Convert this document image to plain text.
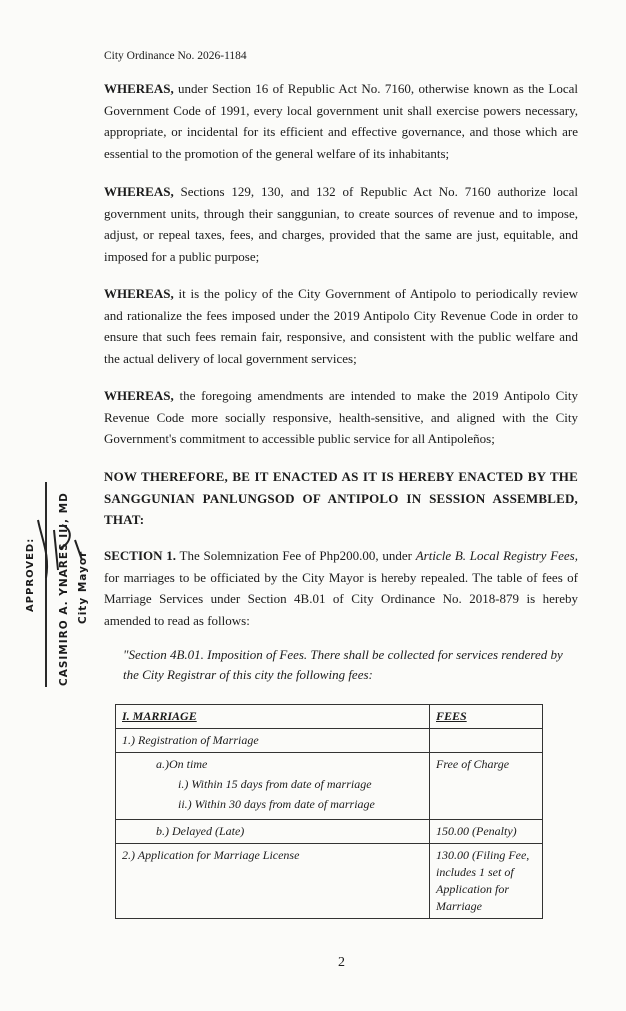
City Ordinance No. 2026-1184

WHEREAS, under Section 16 of Republic Act No. 7160, otherwise known as the Local Government Code of 1991, every local government unit shall exercise powers necessary, appropriate, or incidental for its efficient and effective governance, and those which are essential to the promotion of the general welfare of its inhabitants;

WHEREAS, Sections 129, 130, and 132 of Republic Act No. 7160 authorize local government units, through their sanggunian, to create sources of revenue and to impose, adjust, or repeal taxes, fees, and charges, provided that the same are just, equitable, and imposed for a public purpose;

WHEREAS, it is the policy of the City Government of Antipolo to periodically review and rationalize the fees imposed under the 2019 Antipolo City Revenue Code in order to ensure that such fees remain fair, responsive, and consistent with the public welfare and the actual delivery of local government services;

WHEREAS, the foregoing amendments are intended to make the 2019 Antipolo City Revenue Code more socially responsive, health-sensitive, and aligned with the City Government's commitment to accessible public service for all Antipoleños;

NOW THEREFORE, BE IT ENACTED AS IT IS HEREBY ENACTED BY THE SANGGUNIAN PANLUNGSOD OF ANTIPOLO IN SESSION ASSEMBLED, THAT:

SECTION 1. The Solemnization Fee of Php200.00, under Article B. Local Registry Fees, for marriages to be officiated by the City Mayor is hereby repealed. The table of fees of Marriage Services under Section 4B.01 of City Ordinance No. 2018-879 is hereby amended to read as follows:

"Section 4B.01. Imposition of Fees. There shall be collected for services rendered by the City Registrar of this city the following fees:

I. MARRIAGE	FEES
1.) Registration of Marriage	

a.)On time
i.) Within 15 days from date of marriage
ii.) Within 30 days from date of marriage	Free of Charge

b.) Delayed (Late)	150.00 (Penalty)
2.) Application for Marriage License	130.00 (Filing Fee, includes 1 set of Application for Marriage
APPROVED: CASIMIRO A. YNARES III, MD City Mayor
2
